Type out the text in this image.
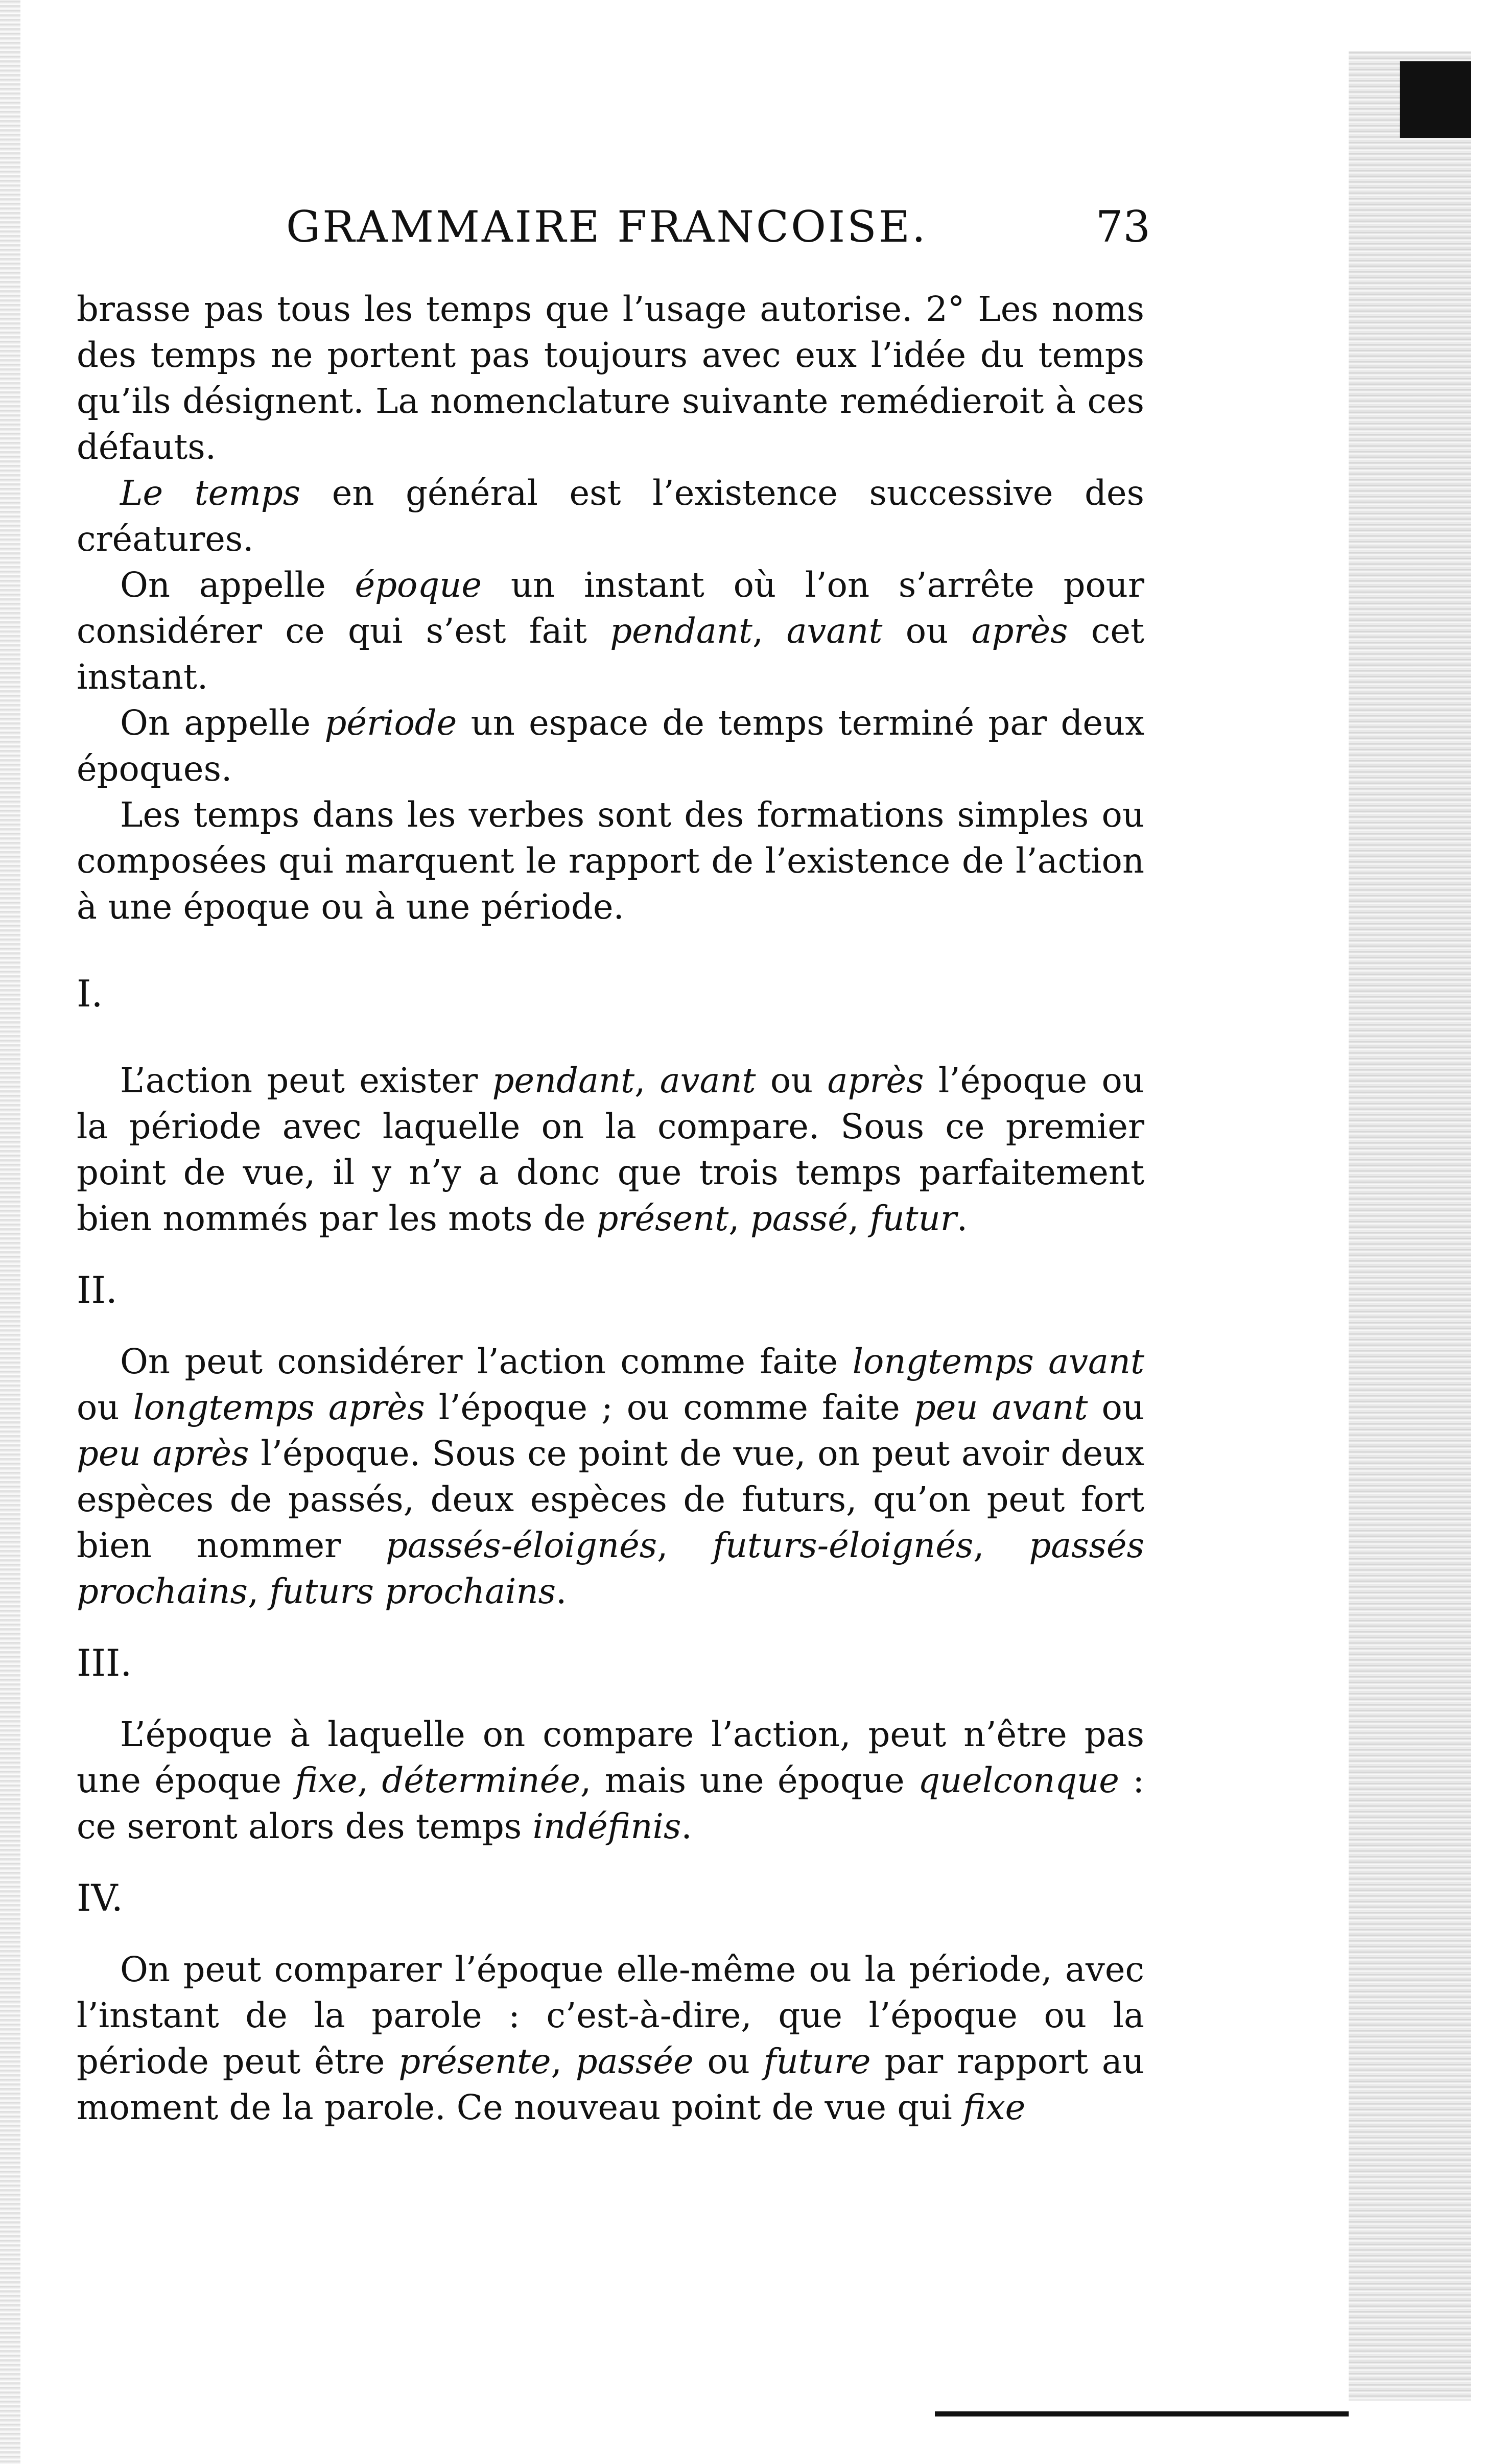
GRAMMAIRE FRANCOISE.	73

brasse pas tous les temps que l’usage autorise. 2° Les noms des temps ne portent pas toujours avec eux l’idée du temps qu’ils désignent. La nomenclature suivante remédieroit à ces défauts.

Le temps en général est l’existence successive des créatures.

On appelle époque un instant où l’on s’arrête pour considérer ce qui s’est fait pendant, avant ou après cet instant.

On appelle période un espace de temps terminé par deux époques.

Les temps dans les verbes sont des formations simples ou composées qui marquent le rapport de l’existence de l’action à une époque ou à une période.

I.

L’action peut exister pendant, avant ou après l’époque ou la période avec laquelle on la compare. Sous ce premier point de vue, il y n’y a donc que trois temps parfaitement bien nommés par les mots de présent, passé, futur.

II.

On peut considérer l’action comme faite longtemps avant ou longtemps après l’époque ; ou comme faite peu avant ou peu après l’époque. Sous ce point de vue, on peut avoir deux espèces de passés, deux espèces de futurs, qu’on peut fort bien nommer passés-éloignés, futurs-éloignés, passés prochains, futurs prochains.

III.

L’époque à laquelle on compare l’action, peut n’être pas une époque fixe, déterminée, mais une époque quelconque : ce seront alors des temps indéfinis.

IV.

On peut comparer l’époque elle-même ou la période, avec l’instant de la parole : c’est-à-dire, que l’époque ou la période peut être présente, passée ou future par rapport au moment de la parole. Ce nouveau point de vue qui fixe
